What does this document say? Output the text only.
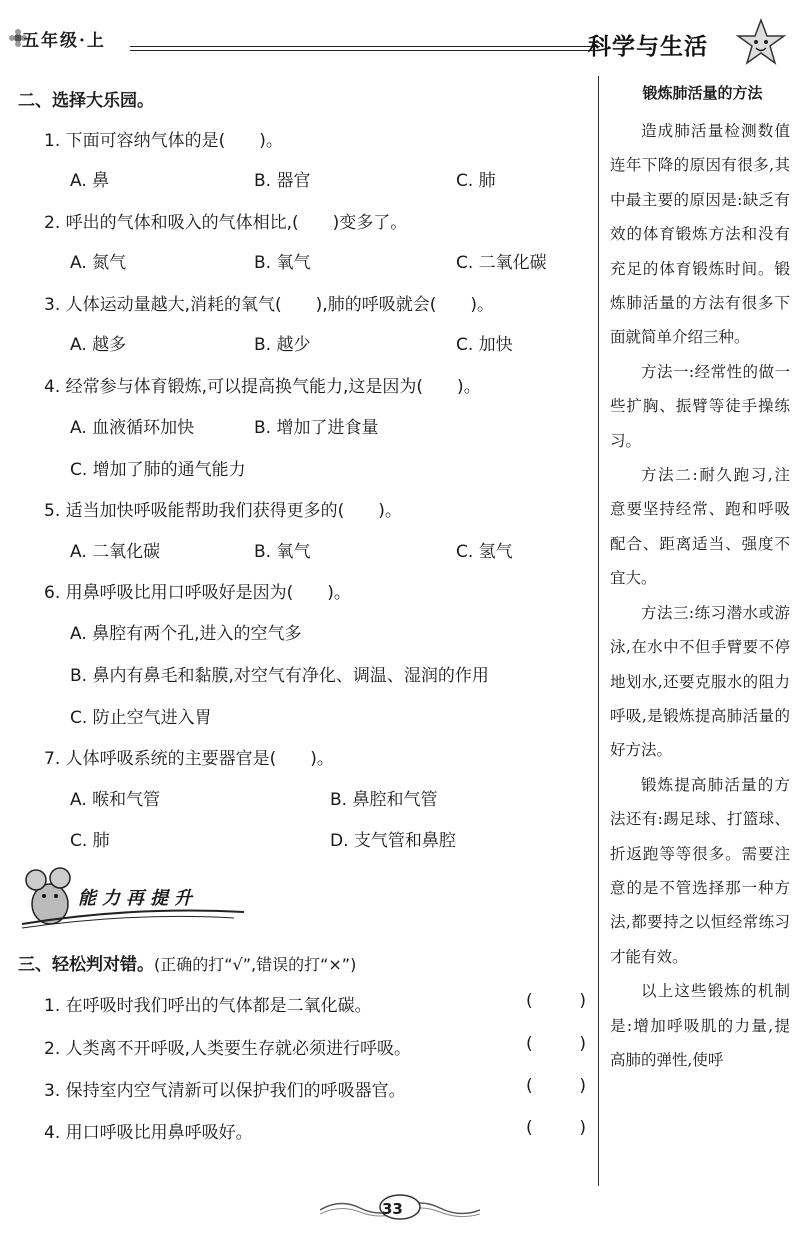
五年级·上	科学与生活
锻炼肺活量的方法

造成肺活量检测数值连年下降的原因有很多,其中最主要的原因是:缺乏有效的体育锻炼方法和没有充足的体育锻炼时间。锻炼肺活量的方法有很多下面就简单介绍三种。

方法一:经常性的做一些扩胸、振臂等徒手操练习。

方法二:耐久跑习,注意要坚持经常、跑和呼吸配合、距离适当、强度不宜大。

方法三:练习潜水或游泳,在水中不但手臂要不停地划水,还要克服水的阻力呼吸,是锻炼提高肺活量的好方法。

锻炼提高肺活量的方法还有:踢足球、打篮球、折返跑等等很多。需要注意的是不管选择那一种方法,都要持之以恒经常练习才能有效。

以上这些锻炼的机制是:增加呼吸肌的力量,提高肺的弹性,使呼

二、选择大乐园。
1. 下面可容纳气体的是(　　)。
A. 鼻	B. 器官	C. 肺
2. 呼出的气体和吸入的气体相比,(　　)变多了。
A. 氮气	B. 氧气	C. 二氧化碳
3. 人体运动量越大,消耗的氧气(　　),肺的呼吸就会(　　)。
A. 越多	B. 越少	C. 加快
4. 经常参与体育锻炼,可以提高换气能力,这是因为(　　)。
A. 血液循环加快	B. 增加了进食量
C. 增加了肺的通气能力
5. 适当加快呼吸能帮助我们获得更多的(　　)。
A. 二氧化碳	B. 氧气	C. 氢气
6. 用鼻呼吸比用口呼吸好是因为(　　)。
A. 鼻腔有两个孔,进入的空气多
B. 鼻内有鼻毛和黏膜,对空气有净化、调温、湿润的作用
C. 防止空气进入胃
7. 人体呼吸系统的主要器官是(　　)。
A. 喉和气管	B. 鼻腔和气管
C. 肺	D. 支气管和鼻腔
能力再提升
三、轻松判对错。(正确的打“√”,错误的打“×”)
1. 在呼吸时我们呼出的气体都是二氧化碳。	(	)
2. 人类离不开呼吸,人类要生存就必须进行呼吸。	(	)
3. 保持室内空气清新可以保护我们的呼吸器官。	(	)
4. 用口呼吸比用鼻呼吸好。	(	)
33
